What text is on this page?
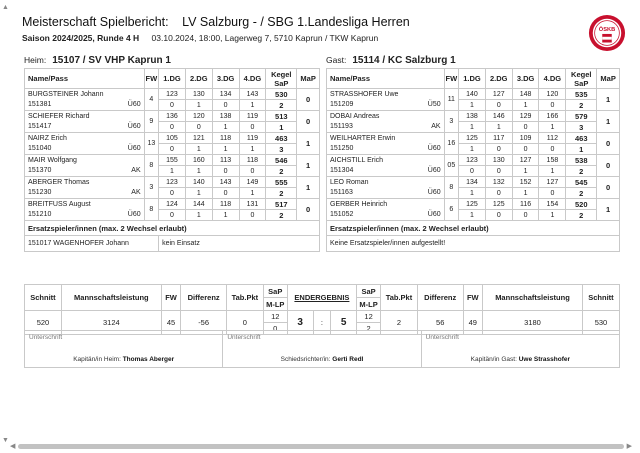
Meisterschaft Spielbericht: LV Salzburg - / SBG 1.Landesliga Herren
Saison 2024/2025, Runde 4 H 03.10.2024, 18:00, Lagerweg 7, 5710 Kaprun / TKW Kaprun
ÖSKB
Heim: 15107 / SV VHP Kaprun 1	Gast: 15114 / KC Salzburg 1
Name/Pass	FW	1.DG	2.DG	3.DG	4.DG	Kegel SaP	MaP

BURGSTEINER Johann
151381 Ü60	4	123	130	134	143	530	0
		0	1	0	1	2	

SCHIEFER Richard
151417 Ü60	9	136	120	138	119	513	0
		0	0	1	0	1	

NAIRZ Erich
151040 Ü60	13	105	121	118	119	463	1
		0	1	1	1	3	

MAIR Wolfgang
151370 AK	8	155	160	113	118	546	1
		1	1	0	0	2	

ABERGER Thomas
151230 AK	3	123	140	143	149	555	1
		0	1	0	1	2	

BREITFUSS August
151210 Ü60	8	124	144	118	131	517	0
		0	1	1	0	2	
Ersatzspieler/innen (max. 2 Wechsel erlaubt)							
151017 WAGENHOFER Johann		kein Einsatz					
Name/Pass	FW	1.DG	2.DG	3.DG	4.DG	Kegel SaP	MaP

STRASSHOFER Uwe
151209 Ü50	11	140	127	148	120	535	1
		1	0	1	0	2	

DOBAI Andreas
151193 AK	3	138	146	129	166	579	1
		1	1	0	1	3	

WEILHARTER Erwin
151250 Ü60	16	125	117	109	112	463	0
		1	0	0	0	1	

AICHSTILL Erich
151304 Ü60	05	123	130	127	158	538	0
		0	0	1	1	2	

LEO Roman
151163 Ü60	8	134	132	152	127	545	0
		1	0	1	0	2	

GERBER Heinrich
151052 Ü60	6	125	125	116	154	520	1
		1	0	0	1	2	
Ersatzspieler/innen (max. 2 Wechsel erlaubt)							
Keine Ersatzspieler/innen aufgestellt!							
Schnitt	Mannschaftsleistung	FW	Differenz	Tab.Pkt	SaP	ENDERGEBNIS			SaP	Tab.Pkt	Differenz	FW	Mannschaftsleistung	Schnitt
					M-LP				M-LP					
520	3124	45	-56	0	12	3	:	5	12	2	56	49	3180	530
					0				2					
Unterschrift
Kapitän/in Heim: Thomas Aberger
Unterschrift
Schiedsrichter/in: Gerti Redl
Unterschrift
Kapitän/in Gast: Uwe Strasshofer
▲
▼
◀	▶
